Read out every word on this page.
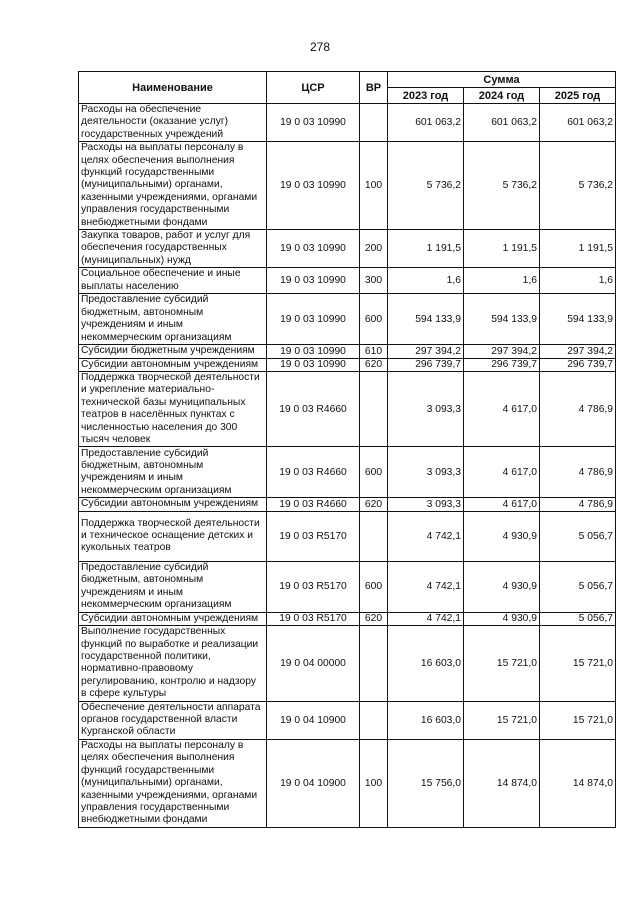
278
Наименование	ЦСР	ВР	Сумма		
			2023 год	2024 год	2025 год
Расходы на обеспечение деятельности (оказание услуг) государственных учреждений	19 0 03 10990		601 063,2	601 063,2	601 063,2
Расходы на выплаты персоналу в целях обеспечения выполнения функций государственными (муниципальными) органами, казенными учреждениями, органами управления государственными внебюджетными фондами	19 0 03 10990	100	5 736,2	5 736,2	5 736,2
Закупка товаров, работ и услуг для обеспечения государственных (муниципальных) нужд	19 0 03 10990	200	1 191,5	1 191,5	1 191,5
Социальное обеспечение и иные выплаты населению	19 0 03 10990	300	1,6	1,6	1,6
Предоставление субсидий бюджетным, автономным учреждениям и иным некоммерческим организациям	19 0 03 10990	600	594 133,9	594 133,9	594 133,9
Субсидии бюджетным учреждениям	19 0 03 10990	610	297 394,2	297 394,2	297 394,2
Субсидии автономным учреждениям	19 0 03 10990	620	296 739,7	296 739,7	296 739,7
Поддержка творческой деятельности и укрепление материально-технической базы муниципальных театров в населённых пунктах с численностью населения до 300 тысяч человек	19 0 03 R4660		3 093,3	4 617,0	4 786,9
Предоставление субсидий бюджетным, автономным учреждениям и иным некоммерческим организациям	19 0 03 R4660	600	3 093,3	4 617,0	4 786,9
Субсидии автономным учреждениям	19 0 03 R4660	620	3 093,3	4 617,0	4 786,9
Поддержка творческой деятельности и техническое оснащение детских и кукольных театров	19 0 03 R5170		4 742,1	4 930,9	5 056,7
Предоставление субсидий бюджетным, автономным учреждениям и иным некоммерческим организациям	19 0 03 R5170	600	4 742,1	4 930,9	5 056,7
Субсидии автономным учреждениям	19 0 03 R5170	620	4 742,1	4 930,9	5 056,7
Выполнение государственных функций по выработке и реализации государственной политики, нормативно-правовому регулированию, контролю и надзору в сфере культуры	19 0 04 00000		16 603,0	15 721,0	15 721,0
Обеспечение деятельности аппарата органов государственной власти Курганской области	19 0 04 10900		16 603,0	15 721,0	15 721,0
Расходы на выплаты персоналу в целях обеспечения выполнения функций государственными (муниципальными) органами, казенными учреждениями, органами управления государственными внебюджетными фондами	19 0 04 10900	100	15 756,0	14 874,0	14 874,0
